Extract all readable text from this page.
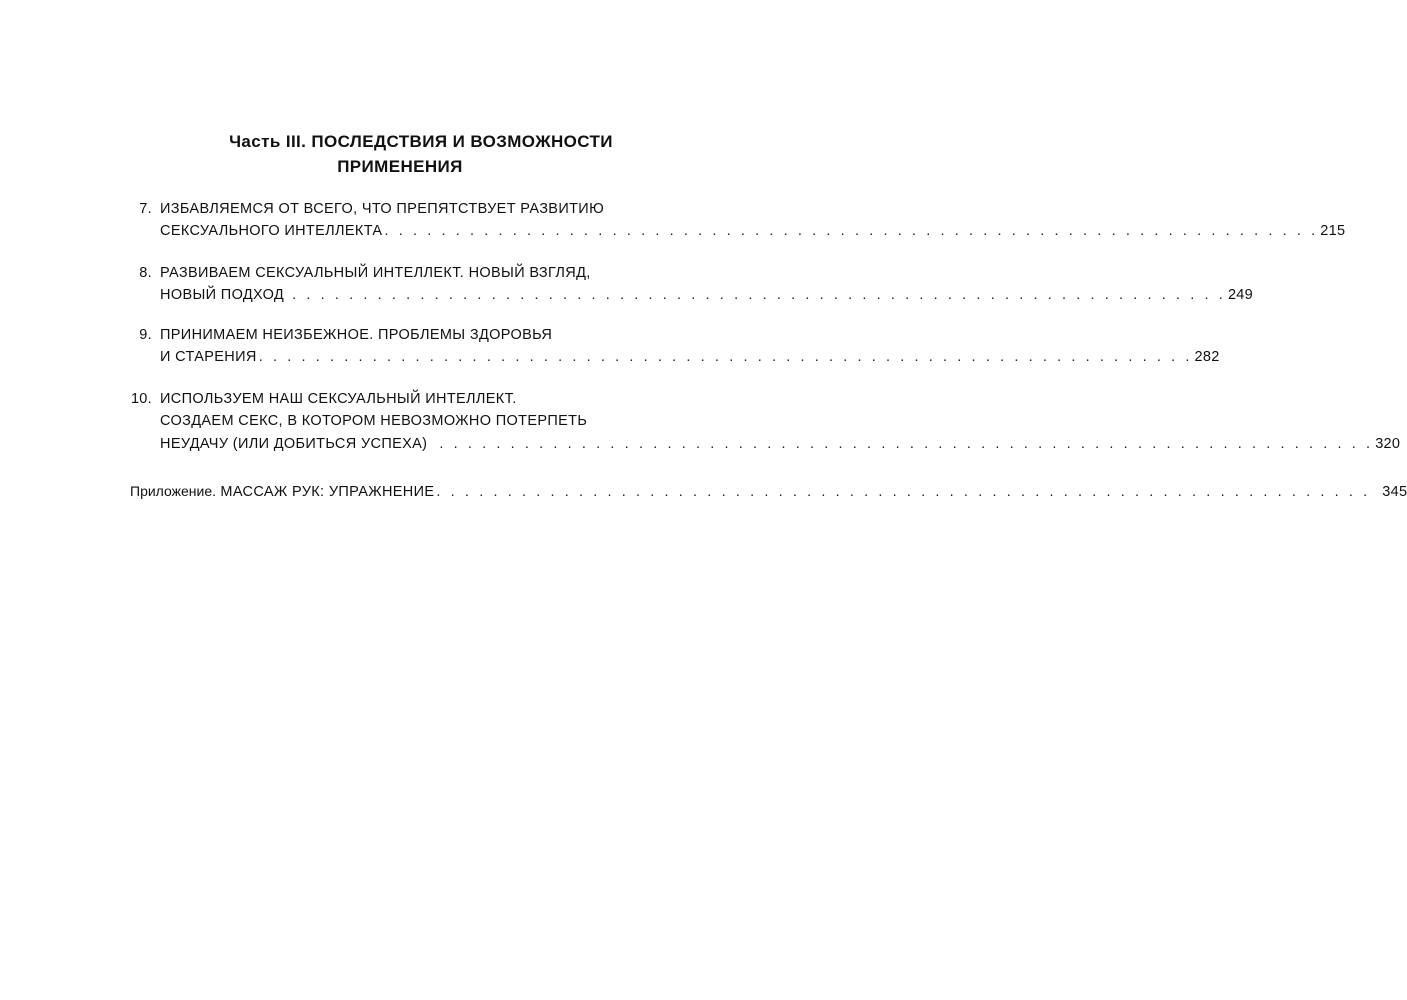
Часть III. ПОСЛЕДСТВИЯ И ВОЗМОЖНОСТИ
ПРИМЕНЕНИЯ
7. ИЗБАВЛЯЕМСЯ ОТ ВСЕГО, ЧТО ПРЕПЯТСТВУЕТ РАЗВИТИЮ
СЕКСУАЛЬНОГО ИНТЕЛЛЕКТА . . . . . . . . . . . . . . . . . . . . . . . . . . . . . . . . . . . . . . . . . . . . . . . . . . . . . . . . . . . . . . . . . . 215
8. РАЗВИВАЕМ СЕКСУАЛЬНЫЙ ИНТЕЛЛЕКТ. НОВЫЙ ВЗГЛЯД,
НОВЫЙ ПОДХОД . . . . . . . . . . . . . . . . . . . . . . . . . . . . . . . . . . . . . . . . . . . . . . . . . . . . . . . . . . . . . . . . . . 249
9. ПРИНИМАЕМ НЕИЗБЕЖНОЕ. ПРОБЛЕМЫ ЗДОРОВЬЯ
И СТАРЕНИЯ . . . . . . . . . . . . . . . . . . . . . . . . . . . . . . . . . . . . . . . . . . . . . . . . . . . . . . . . . . . . . . . . . . 282
10. ИСПОЛЬЗУЕМ НАШ СЕКСУАЛЬНЫЙ ИНТЕЛЛЕКТ.
СОЗДАЕМ СЕКС, В КОТОРОМ НЕВОЗМОЖНО ПОТЕРПЕТЬ
НЕУДАЧУ (ИЛИ ДОБИТЬСЯ УСПЕХА) . . . . . . . . . . . . . . . . . . . . . . . . . . . . . . . . . . . . . . . . . . . . . . . . . . . . . . . . . . . . . . . . . . 320
Приложение. МАССАЖ РУК: УПРАЖНЕНИЕ . . . . . . . . . . . . . . . . . . . . . . . . . . . . . . . . . . . . . . . . . . . . . . . . . . . . . . . . . . . . . . . . . . 345
